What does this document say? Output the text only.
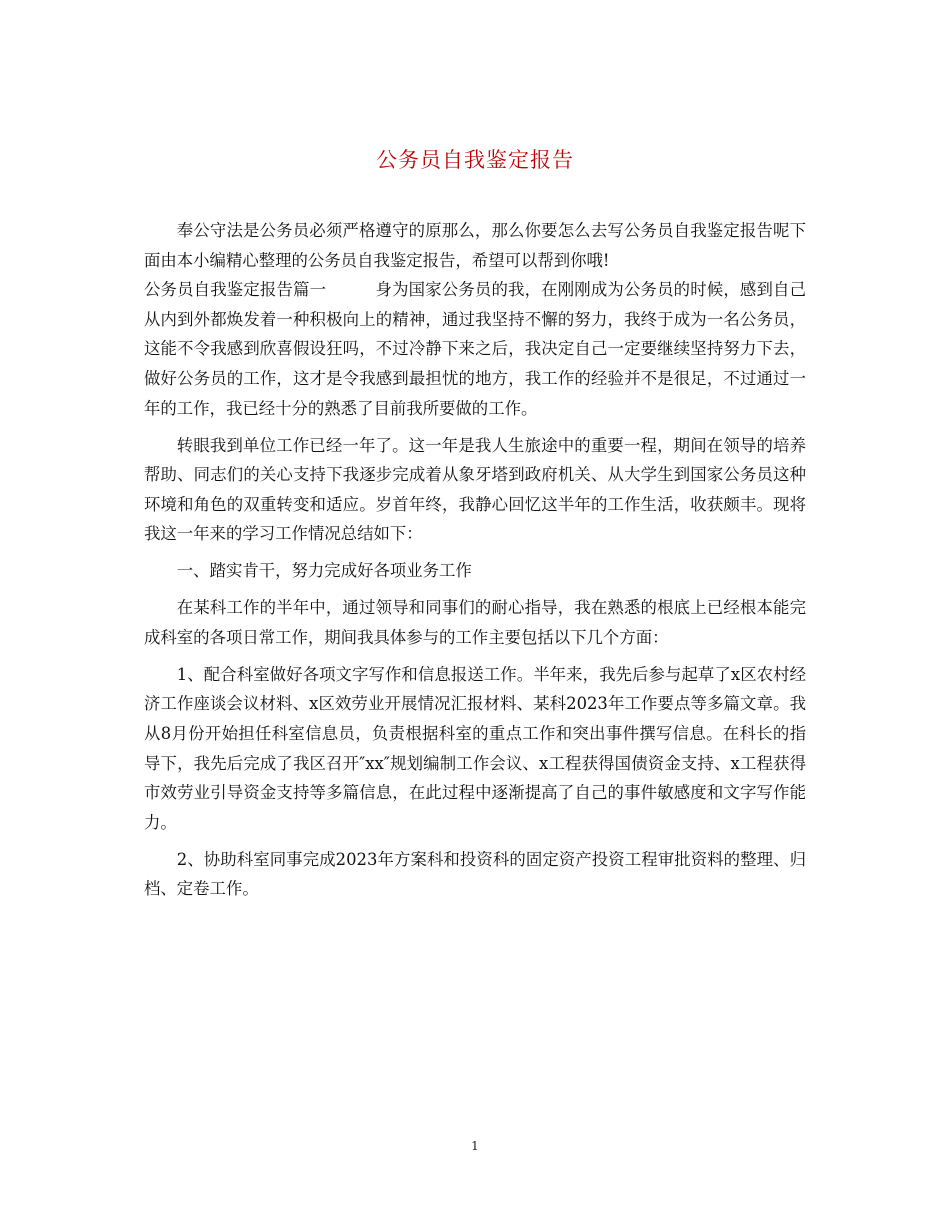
公务员自我鉴定报告

奉公守法是公务员必须严格遵守的原那么，那么你要怎么去写公务员自我鉴定报告呢下面由本小编精心整理的公务员自我鉴定报告，希望可以帮到你哦!

公务员自我鉴定报告篇一	身为国家公务员的我，在刚刚成为公务员的时候，感到自己从内到外都焕发着一种积极向上的精神，通过我坚持不懈的努力，我终于成为一名公务员，这能不令我感到欣喜假设狂吗，不过冷静下来之后，我决定自己一定要继续坚持努力下去，做好公务员的工作，这才是令我感到最担忧的地方，我工作的经验并不是很足，不过通过一年的工作，我已经十分的熟悉了目前我所要做的工作。

转眼我到单位工作已经一年了。这一年是我人生旅途中的重要一程，期间在领导的培养帮助、同志们的关心支持下我逐步完成着从象牙塔到政府机关、从大学生到国家公务员这种环境和角色的双重转变和适应。岁首年终，我静心回忆这半年的工作生活，收获颇丰。现将我这一年来的学习工作情况总结如下：

一、踏实肯干，努力完成好各项业务工作

在某科工作的半年中，通过领导和同事们的耐心指导，我在熟悉的根底上已经根本能完成科室的各项日常工作，期间我具体参与的工作主要包括以下几个方面：

1、配合科室做好各项文字写作和信息报送工作。半年来，我先后参与起草了x区农村经济工作座谈会议材料、x区效劳业开展情况汇报材料、某科2023年工作要点等多篇文章。我从8月份开始担任科室信息员，负责根据科室的重点工作和突出事件撰写信息。在科长的指导下，我先后完成了我区召开″xx″规划编制工作会议、x工程获得国债资金支持、x工程获得市效劳业引导资金支持等多篇信息，在此过程中逐渐提高了自己的事件敏感度和文字写作能力。

2、协助科室同事完成2023年方案科和投资科的固定资产投资工程审批资料的整理、归档、定卷工作。

1
